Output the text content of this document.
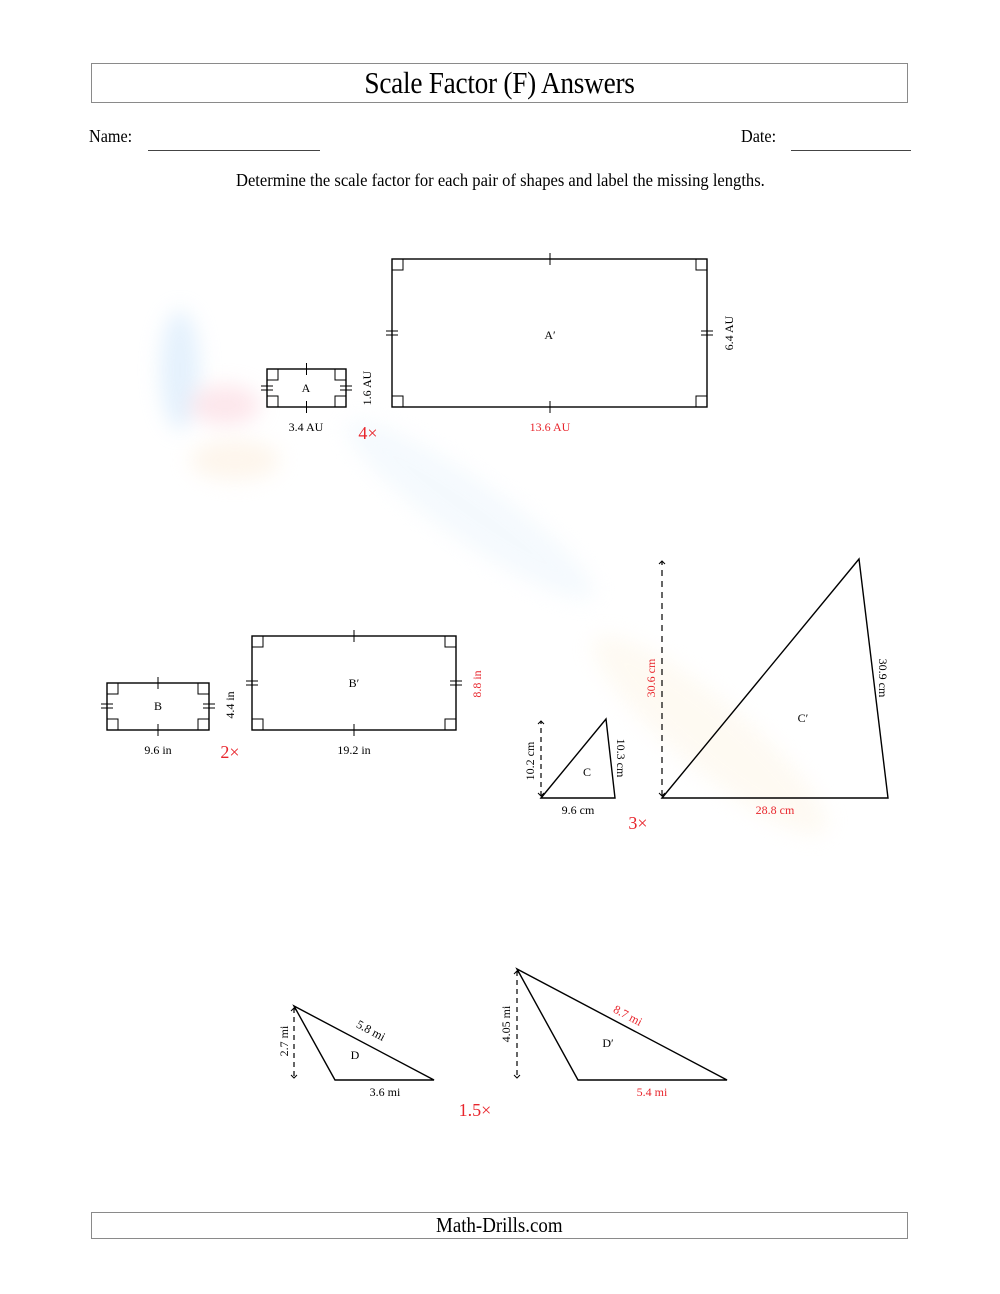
Scale Factor (F) Answers
Name:	Date:
Determine the scale factor for each pair of shapes and label the missing lengths.
A
3.4 AU
1.6 AU
4×
A′
13.6 AU
6.4 AU
B
9.6 in
4.4 in
2×
B′
19.2 in
8.8 in
C
9.6 cm
10.2 cm	10.3 cm
3×
C′
28.8 cm
30.6 cm	30.9 cm
D
3.6 mi
2.7 mi	5.8 mi
1.5×
D′
5.4 mi
4.05 mi	8.7 mi
Math-Drills.com
